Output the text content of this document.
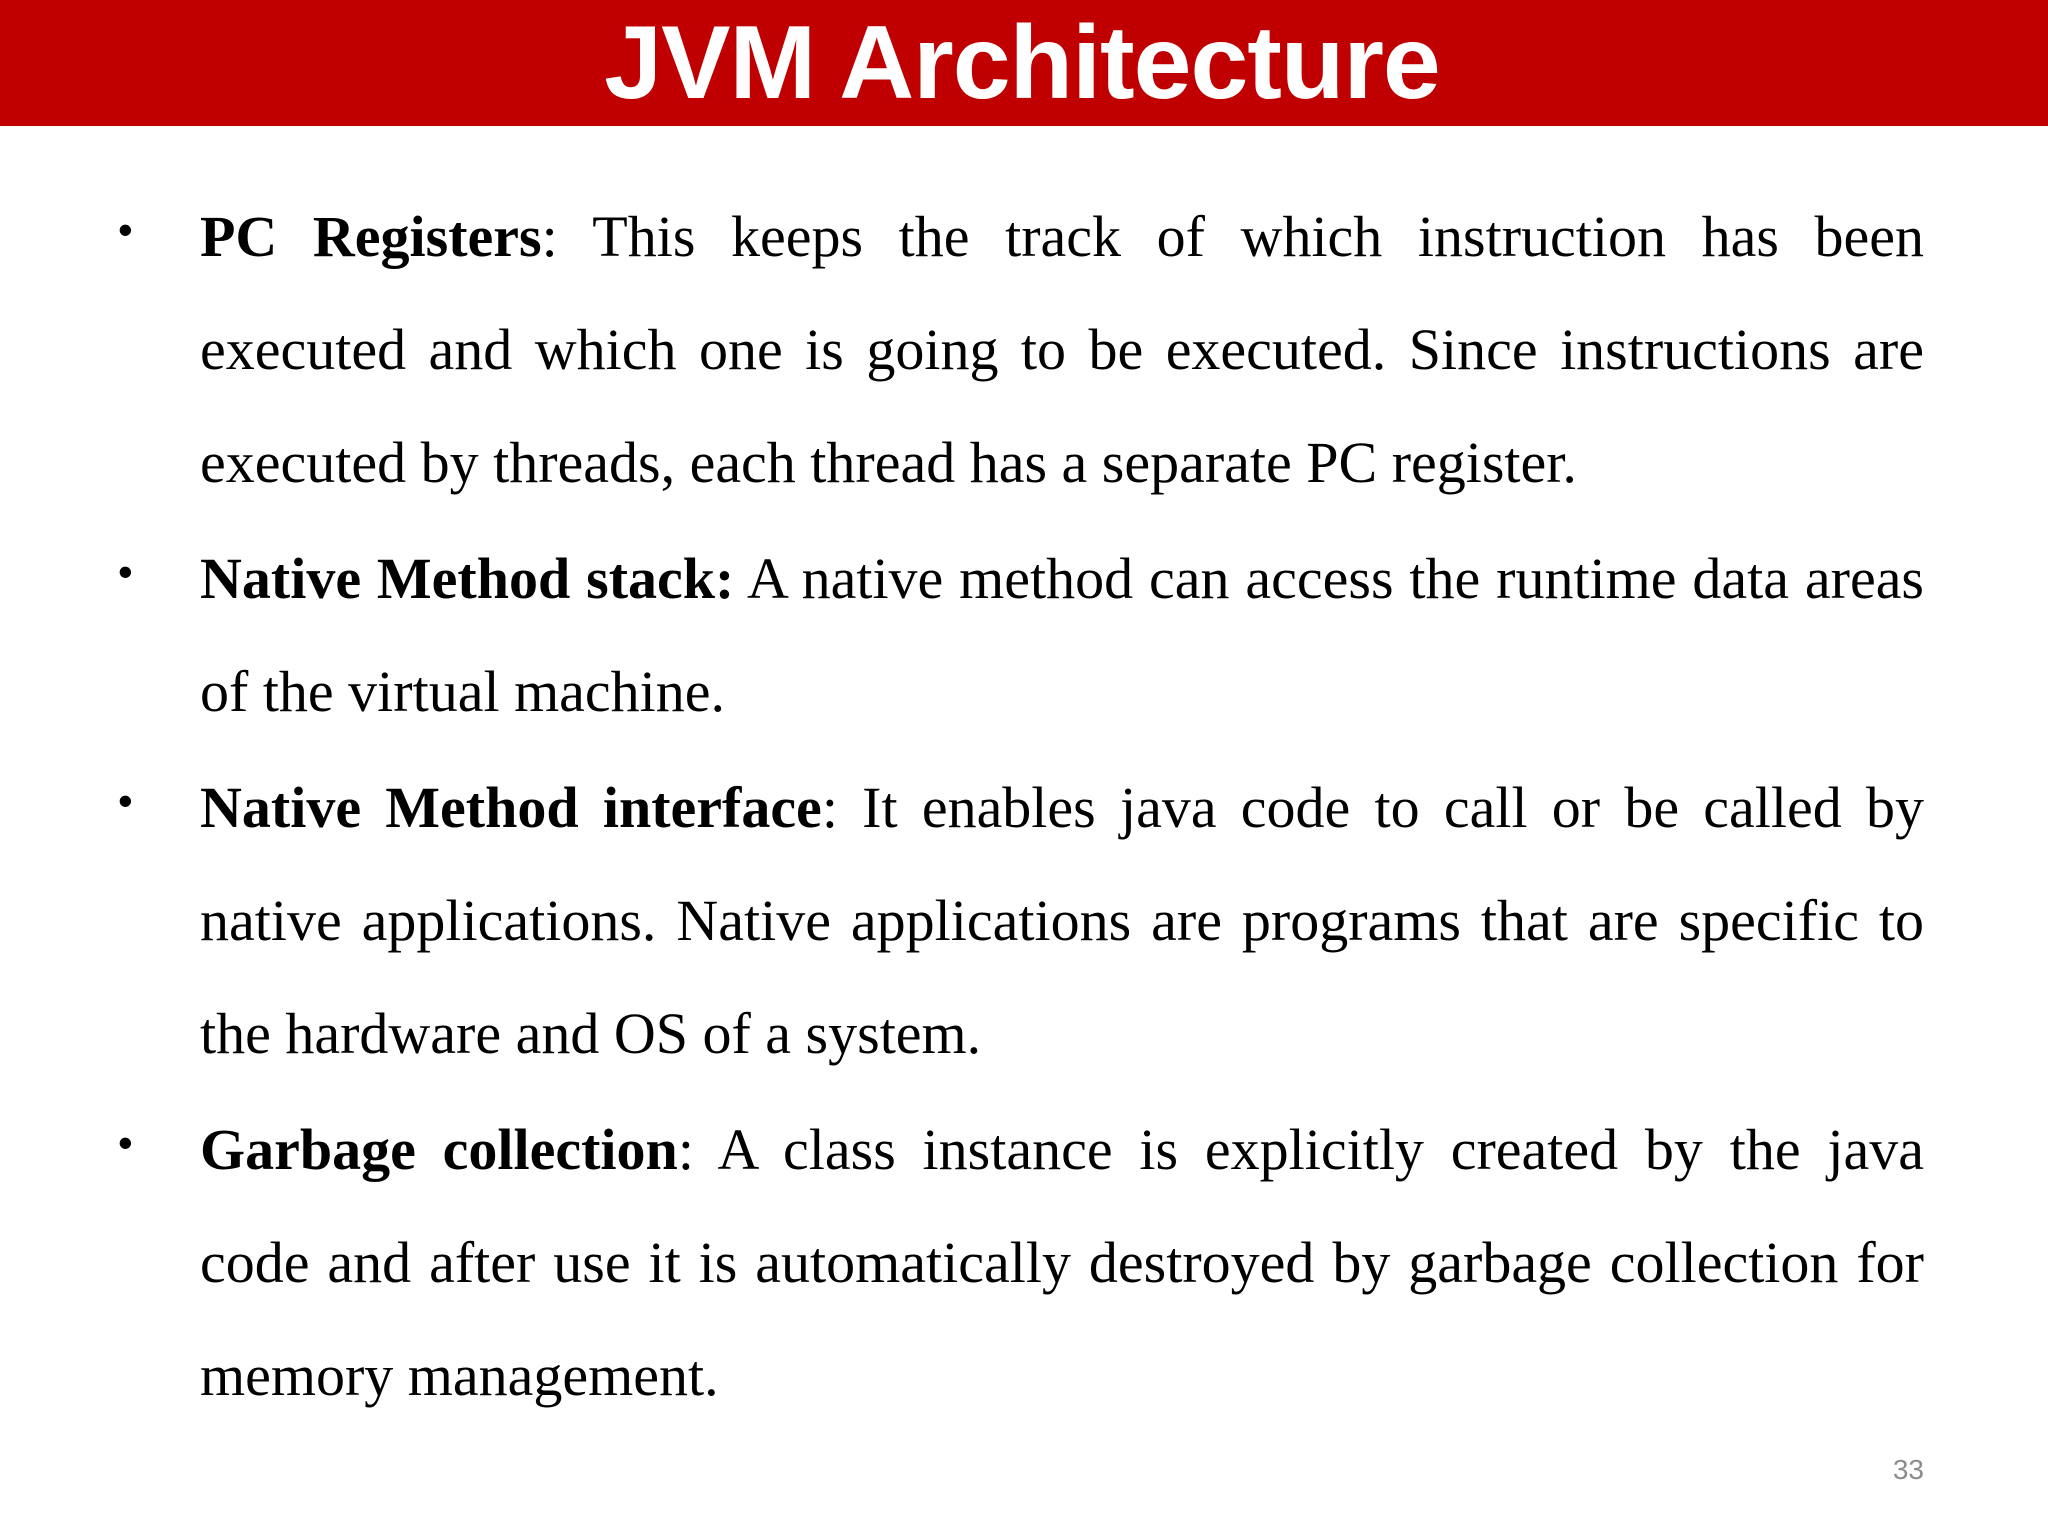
JVM Architecture
• PC Registers: This keeps the track of which instruction has been executed and which one is going to be executed. Since instructions are executed by threads, each thread has a separate PC register.
• Native Method stack: A native method can access the runtime data areas of the virtual machine.
• Native Method interface: It enables java code to call or be called by native applications. Native applications are programs that are specific to the hardware and OS of a system.
• Garbage collection: A class instance is explicitly created by the java code and after use it is automatically destroyed by garbage collection for memory management.
33
